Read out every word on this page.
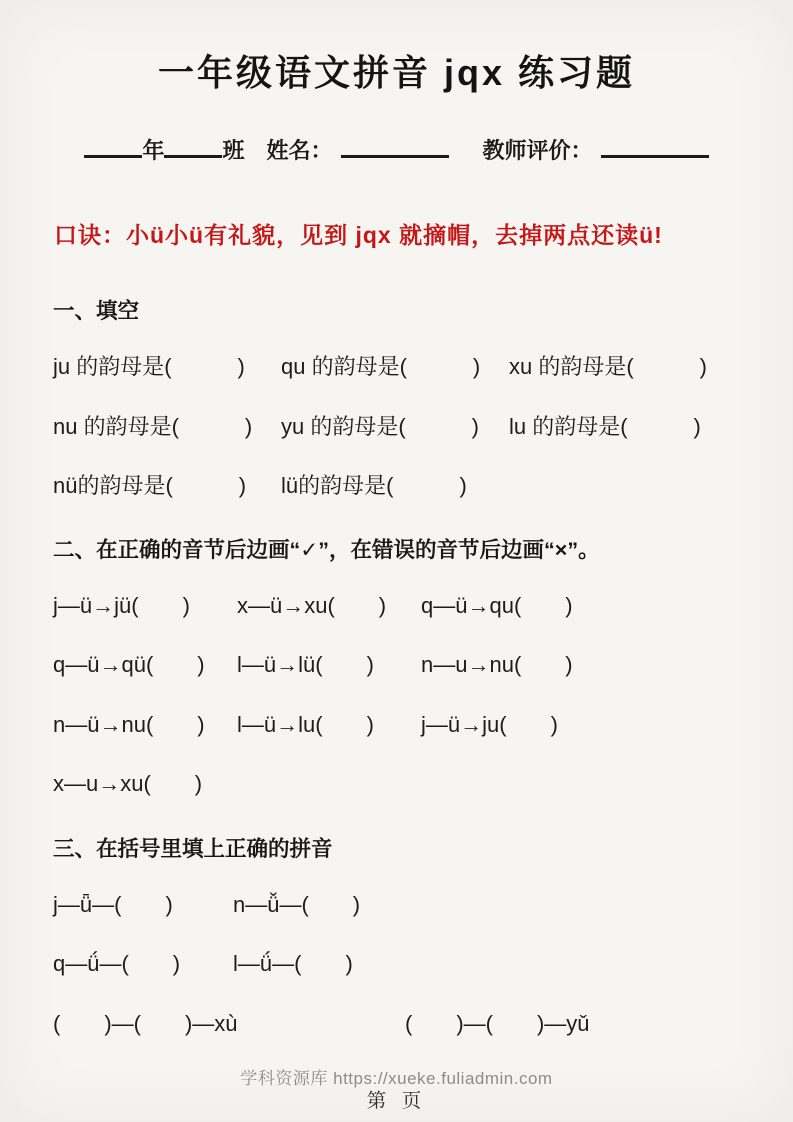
一年级语文拼音 jqx 练习题
年	班 姓名：	教师评价：

口诀：小ü小ü有礼貌，见到 jqx 就摘帽，去掉两点还读ü!

一、填空
ju 的韵母是(　　　)	qu 的韵母是(　　　)	xu 的韵母是(　　　)
nu 的韵母是(　　　)	yu 的韵母是(　　　)	lu 的韵母是(　　　)
nü的韵母是(　　　)	lü的韵母是(　　　)
二、在正确的音节后边画“✓”，在错误的音节后边画“×”。
j—ü→jü(　　)	x—ü→xu(　　)	q—ü→qu(　　)
q—ü→qü(　　)	l—ü→lü(　　)	n—u→nu(　　)
n—ü→nu(　　)	l—ü→lu(　　)	j—ü→ju(　　)
x—u→xu(　　)
三、在括号里填上正确的拼音
j—ǖ—(　　)	n—ǚ—(　　)
q—ǘ—(　　)	l—ǘ—(　　)
(　　)—(　　)—xù	(　　)—(　　)—yǔ
学科资源库 https://xueke.fuliadmin.com
第 页
